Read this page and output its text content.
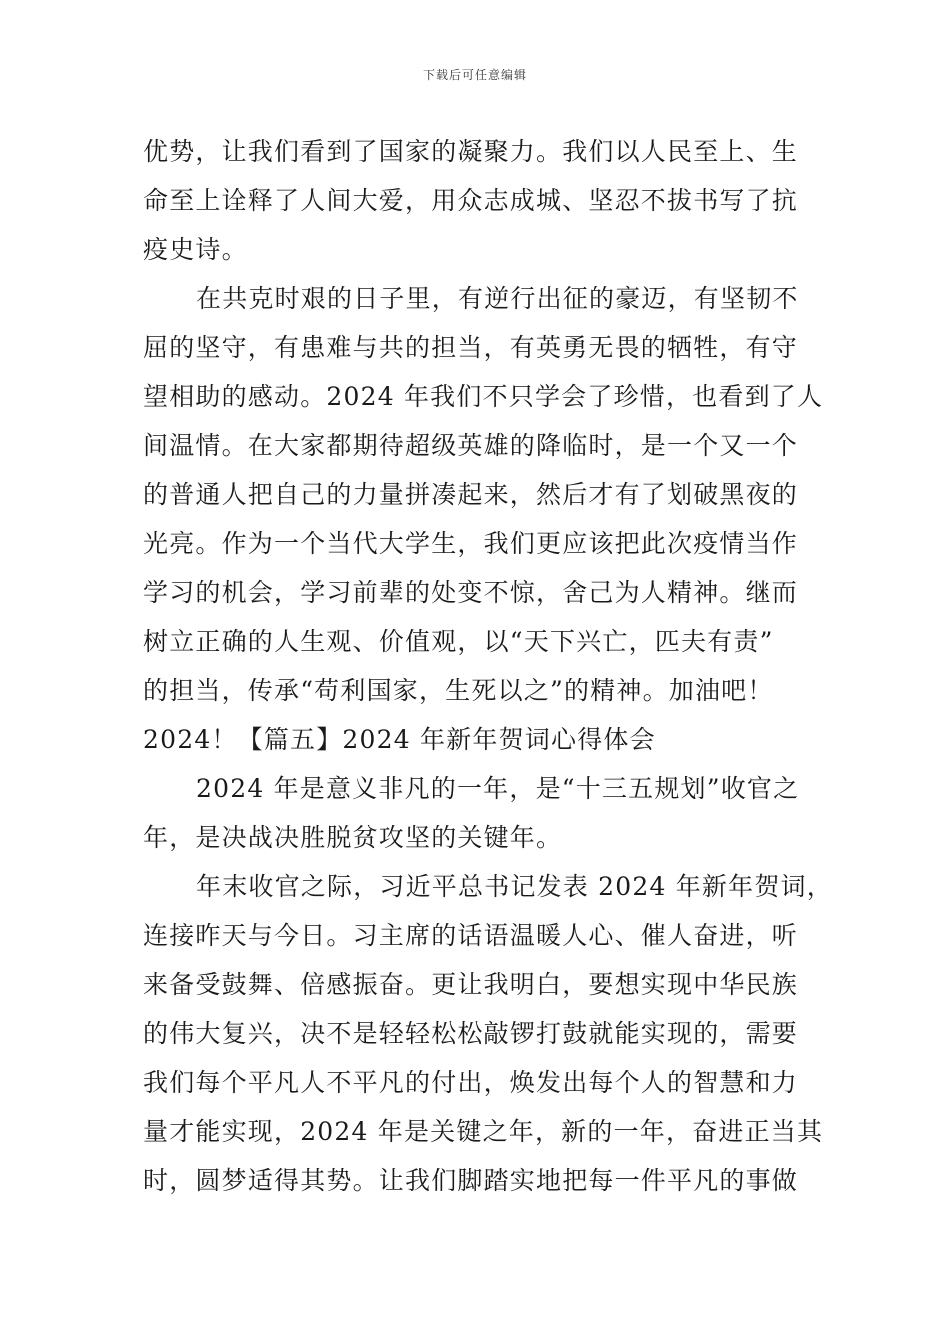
下载后可任意编辑
优势，让我们看到了国家的凝聚力。我们以人民至上、生
命至上诠释了人间大爱，用众志成城、坚忍不拔书写了抗
疫史诗。
在共克时艰的日子里，有逆行出征的豪迈，有坚韧不
屈的坚守，有患难与共的担当，有英勇无畏的牺牲，有守
望相助的感动。2024 年我们不只学会了珍惜，也看到了人
间温情。在大家都期待超级英雄的降临时，是一个又一个
的普通人把自己的力量拼凑起来，然后才有了划破黑夜的
光亮。作为一个当代大学生，我们更应该把此次疫情当作
学习的机会，学习前辈的处变不惊，舍己为人精神。继而
树立正确的人生观、价值观，以“天下兴亡，匹夫有责”
的担当，传承“苟利国家，生死以之”的精神。加油吧！
2024！【篇五】2024 年新年贺词心得体会
2024 年是意义非凡的一年，是“十三五规划”收官之
年，是决战决胜脱贫攻坚的关键年。
年末收官之际，习近平总书记发表 2024 年新年贺词，
连接昨天与今日。习主席的话语温暖人心、催人奋进，听
来备受鼓舞、倍感振奋。更让我明白，要想实现中华民族
的伟大复兴，决不是轻轻松松敲锣打鼓就能实现的，需要
我们每个平凡人不平凡的付出，焕发出每个人的智慧和力
量才能实现，2024 年是关键之年，新的一年，奋进正当其
时，圆梦适得其势。让我们脚踏实地把每一件平凡的事做
